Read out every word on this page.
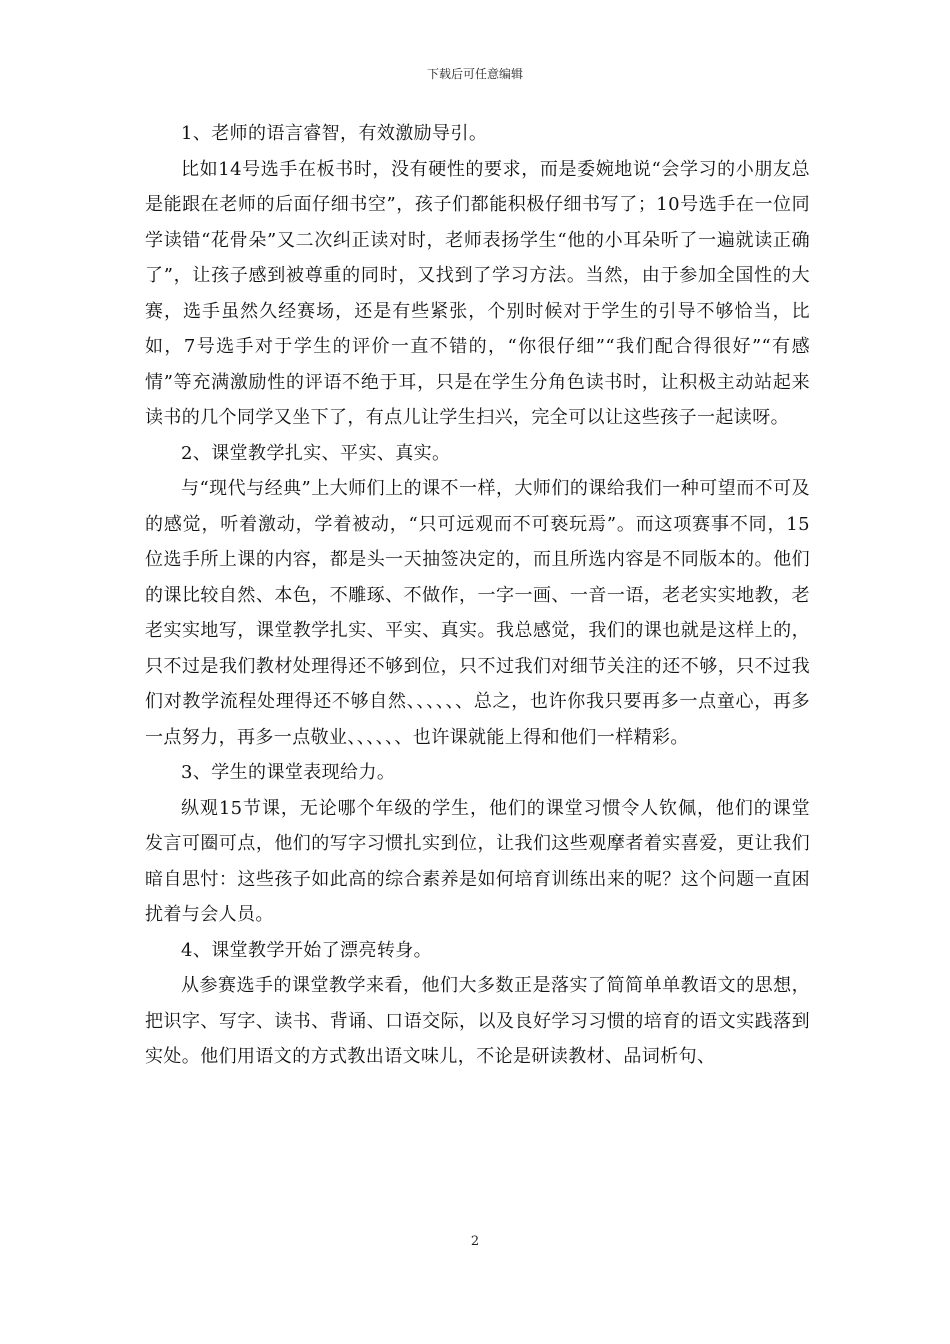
下载后可任意编辑

1、老师的语言睿智，有效激励导引。

比如14号选手在板书时，没有硬性的要求，而是委婉地说“会学习的小朋友总是能跟在老师的后面仔细书空”，孩子们都能积极仔细书写了；10号选手在一位同学读错“花骨朵”又二次纠正读对时，老师表扬学生“他的小耳朵听了一遍就读正确了”，让孩子感到被尊重的同时，又找到了学习方法。当然，由于参加全国性的大赛，选手虽然久经赛场，还是有些紧张，个别时候对于学生的引导不够恰当，比如，7号选手对于学生的评价一直不错的，“你很仔细”“我们配合得很好”“有感情”等充满激励性的评语不绝于耳，只是在学生分角色读书时，让积极主动站起来读书的几个同学又坐下了，有点儿让学生扫兴，完全可以让这些孩子一起读呀。

2、课堂教学扎实、平实、真实。

与“现代与经典”上大师们上的课不一样，大师们的课给我们一种可望而不可及的感觉，听着激动，学着被动，“只可远观而不可亵玩焉”。而这项赛事不同，15位选手所上课的内容，都是头一天抽签决定的，而且所选内容是不同版本的。他们的课比较自然、本色，不雕琢、不做作，一字一画、一音一语，老老实实地教，老老实实地写，课堂教学扎实、平实、真实。我总感觉，我们的课也就是这样上的，只不过是我们教材处理得还不够到位，只不过我们对细节关注的还不够，只不过我们对教学流程处理得还不够自然、、、、、、总之，也许你我只要再多一点童心，再多一点努力，再多一点敬业、、、、、、也许课就能上得和他们一样精彩。

3、学生的课堂表现给力。

纵观15节课，无论哪个年级的学生，他们的课堂习惯令人钦佩，他们的课堂发言可圈可点，他们的写字习惯扎实到位，让我们这些观摩者着实喜爱，更让我们暗自思忖：这些孩子如此高的综合素养是如何培育训练出来的呢？这个问题一直困扰着与会人员。

4、课堂教学开始了漂亮转身。

从参赛选手的课堂教学来看，他们大多数正是落实了简简单单教语文的思想，把识字、写字、读书、背诵、口语交际，以及良好学习习惯的培育的语文实践落到实处。他们用语文的方式教出语文味儿，不论是研读教材、品词析句、

2
